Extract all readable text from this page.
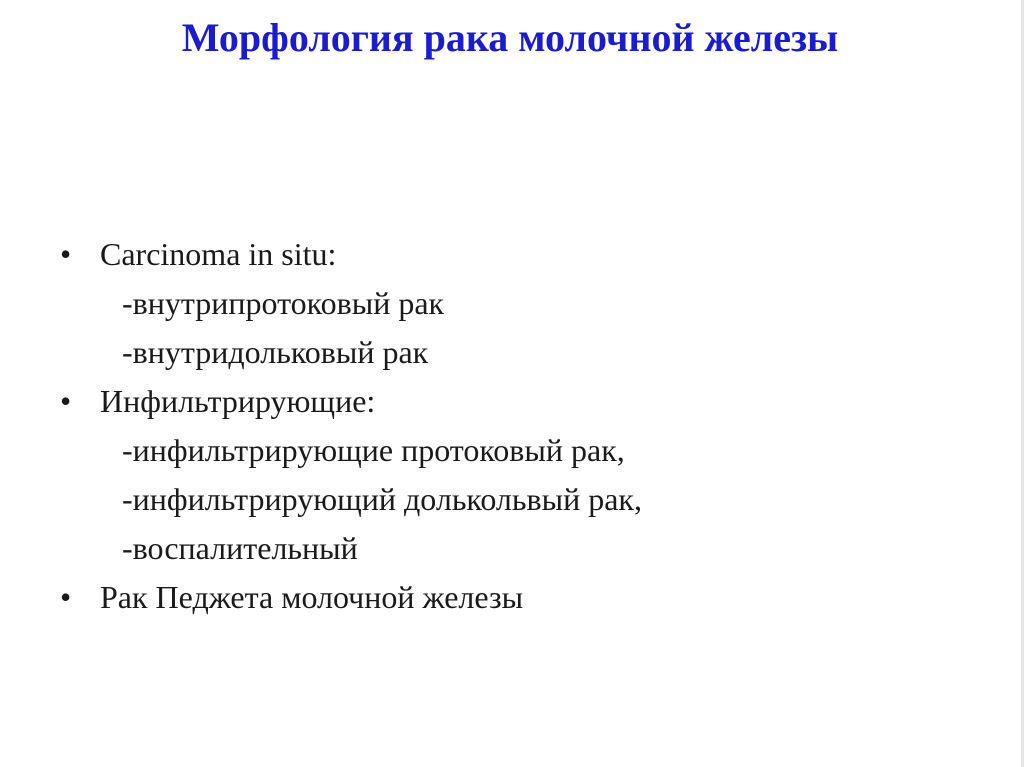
Морфология рака молочной железы
• Carcinoma in situ:
-внутрипротоковый рак
-внутридольковый рак
• Инфильтрирующие:
-инфильтрирующие протоковый рак,
-инфильтрирующий долькольвый рак,
-воспалительный
• Рак Педжета молочной железы
